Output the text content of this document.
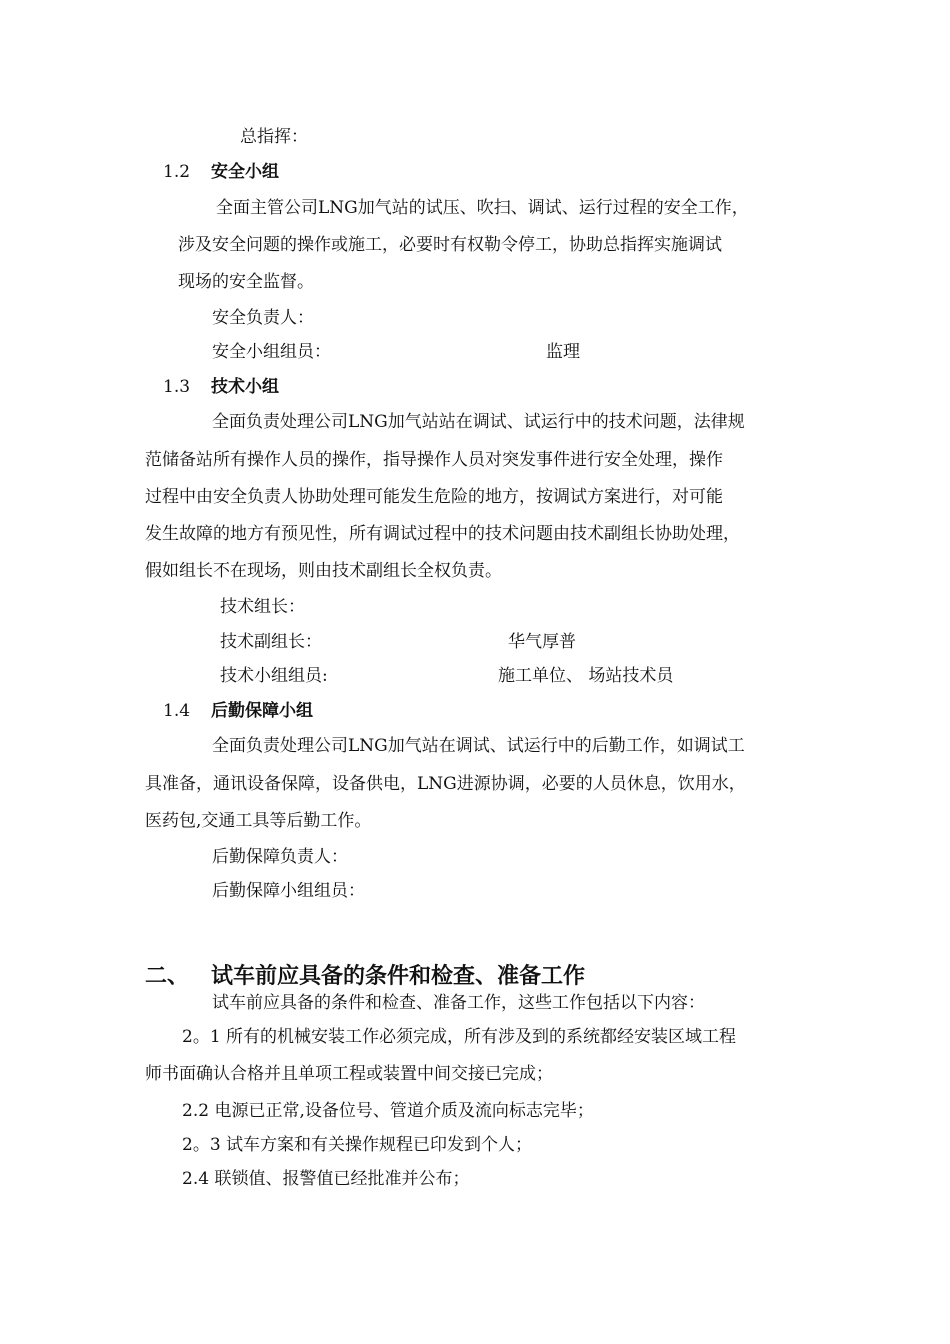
总指挥：
1.2 安全小组
全面主管公司LNG加气站的试压、吹扫、调试、运行过程的安全工作，
涉及安全问题的操作或施工，必要时有权勒令停工，协助总指挥实施调试
现场的安全监督。
安全负责人：
安全小组组员：	监理
1.3 技术小组
全面负责处理公司LNG加气站站在调试、试运行中的技术问题，法律规
范储备站所有操作人员的操作，指导操作人员对突发事件进行安全处理，操作
过程中由安全负责人协助处理可能发生危险的地方，按调试方案进行，对可能
发生故障的地方有预见性，所有调试过程中的技术问题由技术副组长协助处理，
假如组长不在现场，则由技术副组长全权负责。
技术组长：
技术副组长：	华气厚普
技术小组组员:	施工单位、 场站技术员
1.4 后勤保障小组
全面负责处理公司LNG加气站在调试、试运行中的后勤工作，如调试工
具准备，通讯设备保障，设备供电，LNG进源协调，必要的人员休息，饮用水，
医药包,交通工具等后勤工作。
后勤保障负责人：
后勤保障小组组员：
二、 试车前应具备的条件和检查、准备工作
试车前应具备的条件和检查、准备工作，这些工作包括以下内容：
2。1 所有的机械安装工作必须完成，所有涉及到的系统都经安装区域工程
师书面确认合格并且单项工程或装置中间交接已完成；
2.2 电源已正常,设备位号、管道介质及流向标志完毕；
2。3 试车方案和有关操作规程已印发到个人；
2.4 联锁值、报警值已经批准并公布；
